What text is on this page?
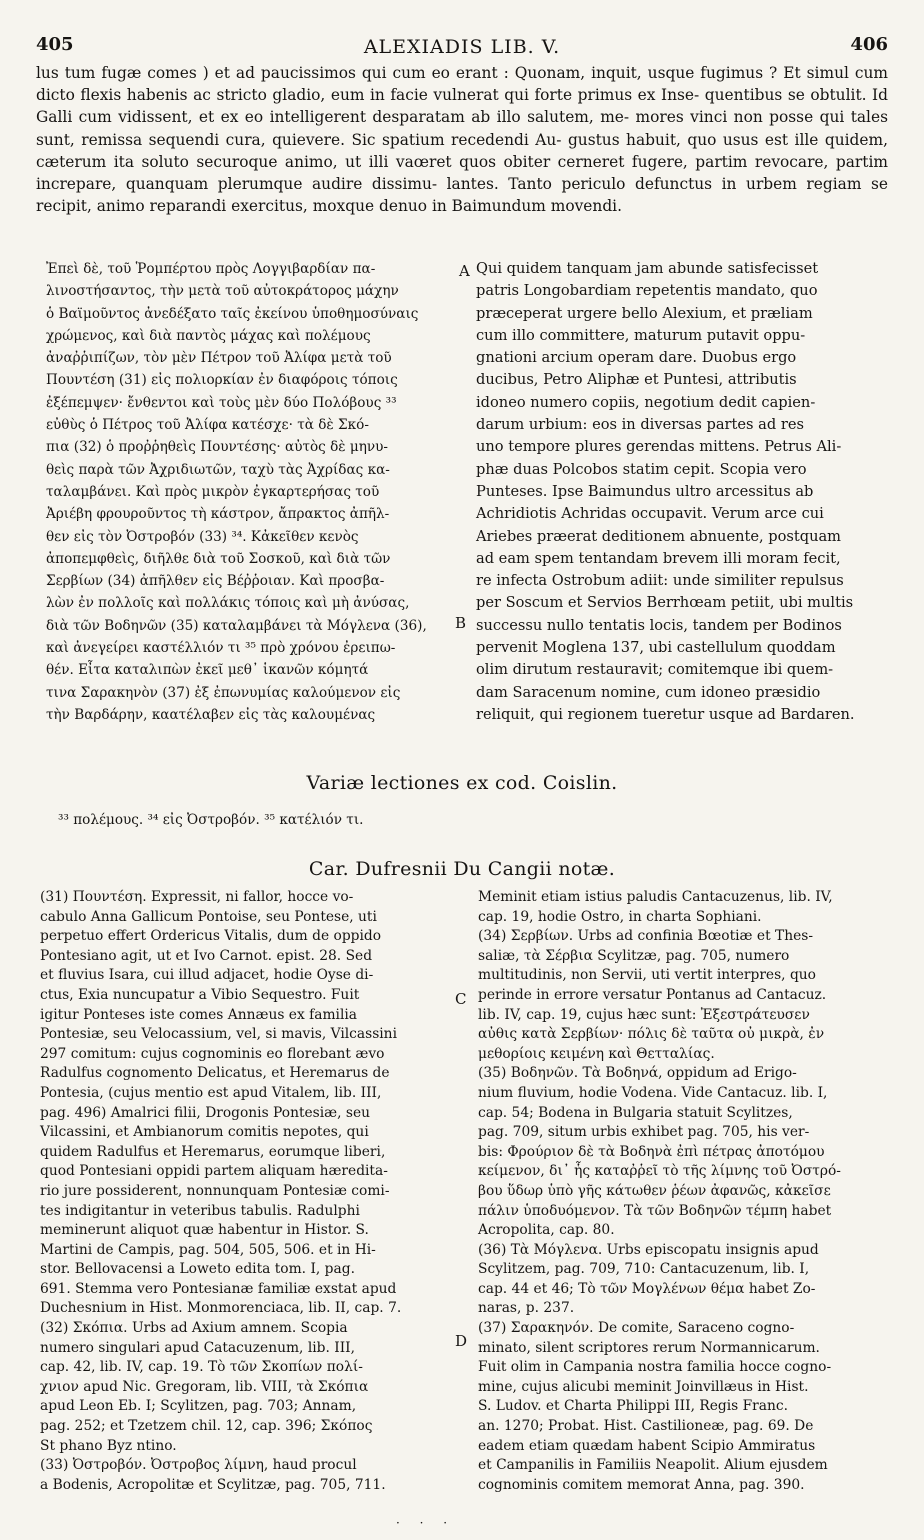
405	ALEXIADIS LIB. V.	406
lus tum fugæ comes ) et ad paucissimos qui cum eo erant : Quonam, inquit, usque fugimus ? Et simul cum dicto flexis habenis ac stricto gladio, eum in facie vulnerat qui forte primus ex Inse- quentibus se obtulit. Id Galli cum vidissent, et ex eo intelligerent desparatam ab illo salutem, me- mores vinci non posse qui tales sunt, remissa sequendi cura, quievere. Sic spatium recedendi Au- gustus habuit, quo usus est ille quidem, cæterum ita soluto securoque animo, ut illi vaœret quos obiter cerneret fugere, partim revocare, partim increpare, quanquam plerumque audire dissimu- lantes. Tanto periculo defunctus in urbem regiam se recipit, animo reparandi exercitus, moxque denuo in Baimundum movendi.
Ἐπεὶ δὲ, τοῦ Ῥομπέρτου πρὸς Λογγιβαρδίαν πα-
λινοστήσαντος, τὴν μετὰ τοῦ αὐτοκράτορος μάχην
ὁ Βαϊμοῦντος ἀνεδέξατο ταῖς ἐκείνου ὑποθημοσύναις
χρώμενος, καὶ διὰ παντὸς μάχας καὶ πολέμους
ἀναῤῥιπίζων, τὸν μὲν Πέτρον τοῦ Ἀλίφα μετὰ τοῦ
Πουντέση (31) εἰς πολιορκίαν ἐν διαφόροις τόποις
ἐξέπεμψεν· ἔνθεντοι καὶ τοὺς μὲν δύο Πολόβους ³³
εὐθὺς ὁ Πέτρος τοῦ Ἀλίφα κατέσχε· τὰ δὲ Σκό-
πια (32) ὁ προῤῥηθεὶς Πουντέσης· αὐτὸς δὲ μηνυ-
θεὶς παρὰ τῶν Ἀχριδιωτῶν, ταχὺ τὰς Ἀχρίδας κα-
ταλαμβάνει. Καὶ πρὸς μικρὸν ἐγκαρτερήσας τοῦ
Ἀριέβη φρουροῦντος τὴ κάστρον, ἄπρακτος ἀπῆλ-
θεν εἰς τὸν Ὀστροβόν (33) ³⁴. Κἀκεῖθεν κενὸς
ἀποπεμφθεὶς, διῆλθε διὰ τοῦ Σοσκοῦ, καὶ διὰ τῶν
Σερβίων (34) ἀπῆλθεν εἰς Βέῤῥοιαν. Καὶ προσβα-
λὼν ἐν πολλοῖς καὶ πολλάκις τόποις καὶ μὴ ἀνύσας,
διὰ τῶν Βοδηνῶν (35) καταλαμβάνει τὰ Μόγλενα (36),
καὶ ἀνεγείρει καστέλλιόν τι ³⁵ πρὸ χρόνου ἐρειπω-
θέν. Εἶτα καταλιπὼν ἐκεῖ μεθ᾽ ἱκανῶν κόμητά
τινα Σαρακηνὸν (37) ἐξ ἐπωνυμίας καλούμενον εἰς
τὴν Βαρδάρην, καατέλαβεν εἰς τὰς καλουμένας
A
B
Qui quidem tanquam jam abunde satisfecisset
patris Longobardiam repetentis mandato, quo
præceperat urgere bello Alexium, et præliam
cum illo committere, maturum putavit oppu-
gnationi arcium operam dare. Duobus ergo
ducibus, Petro Aliphæ et Puntesi, attributis
idoneo numero copiis, negotium dedit capien-
darum urbium: eos in diversas partes ad res
uno tempore plures gerendas mittens. Petrus Ali-
phæ duas Polcobos statim cepit. Scopia vero
Punteses. Ipse Baimundus ultro arcessitus ab
Achridiotis Achridas occupavit. Verum arce cui
Ariebes præerat deditionem abnuente, postquam
ad eam spem tentandam brevem illi moram fecit,
re infecta Ostrobum adiit: unde similiter repulsus
per Soscum et Servios Berrhœam petiit, ubi multis
successu nullo tentatis locis, tandem per Bodinos
pervenit Moglena 137, ubi castellulum quoddam
olim dirutum restauravit; comitemque ibi quem-
dam Saracenum nomine, cum idoneo præsidio
reliquit, qui regionem tueretur usque ad Bardaren.
Variæ lectiones ex cod. Coislin.
³³ πολέμους. ³⁴ εἰς Ὀστροβόν. ³⁵ κατέλιόν τι.
Car. Dufresnii Du Cangii notæ.
(31) Πουντέση. Expressit, ni fallor, hocce vo-
cabulo Anna Gallicum Pontoise, seu Pontese, uti
perpetuo effert Ordericus Vitalis, dum de oppido
Pontesiano agit, ut et Ivo Carnot. epist. 28. Sed
et fluvius Isara, cui illud adjacet, hodie Oyse di-
ctus, Exia nuncupatur a Vibio Sequestro. Fuit
igitur Ponteses iste comes Annæus ex familia
Pontesiæ, seu Velocassium, vel, si mavis, Vilcassini
297 comitum: cujus cognominis eo florebant ævo
Radulfus cognomento Delicatus, et Heremarus de
Pontesia, (cujus mentio est apud Vitalem, lib. III,
pag. 496) Amalrici filii, Drogonis Pontesiæ, seu
Vilcassini, et Ambianorum comitis nepotes, qui
quidem Radulfus et Heremarus, eorumque liberi,
quod Pontesiani oppidi partem aliquam hæredita-
rio jure possiderent, nonnunquam Pontesiæ comi-
tes indigitantur in veteribus tabulis. Radulphi
meminerunt aliquot quæ habentur in Histor. S.
Martini de Campis, pag. 504, 505, 506. et in Hi-
stor. Bellovacensi a Loweto edita tom. I, pag.
691. Stemma vero Pontesianæ familiæ exstat apud
Duchesnium in Hist. Monmorenciaca, lib. II, cap. 7.
(32) Σκόπια. Urbs ad Axium amnem. Scopia
numero singulari apud Catacuzenum, lib. III,
cap. 42, lib. IV, cap. 19. Τὸ τῶν Σκοπίων πολί-
χνιον apud Nic. Gregoram, lib. VIII, τὰ Σκόπια
apud Leon Eb. I; Scylitzen, pag. 703; Annam,
pag. 252; et Tzetzem chil. 12, cap. 396; Σκόπος
St phano Byz ntino.
(33) Ὀστροβόν. Ὀστροβος λίμνη, haud procul
a Bodenis, Acropolitæ et Scylitzæ, pag. 705, 711.
C
D
Meminit etiam istius paludis Cantacuzenus, lib. IV,
cap. 19, hodie Ostro, in charta Sophiani.
(34) Σερβίων. Urbs ad confinia Bœotiæ et Thes-
saliæ, τὰ Σέρβια Scylitzæ, pag. 705, numero
multitudinis, non Servii, uti vertit interpres, quo
perinde in errore versatur Pontanus ad Cantacuz.
lib. IV, cap. 19, cujus hæc sunt: Ἐξεστράτευσεν
αὐθις κατὰ Σερβίων· πόλις δὲ ταῦτα οὐ μικρὰ, ἐν
μεθορίοις κειμένη καὶ Θετταλίας.
(35) Βοδηνῶν. Τὰ Βοδηνά, oppidum ad Erigo-
nium fluvium, hodie Vodena. Vide Cantacuz. lib. I,
cap. 54; Bodena in Bulgaria statuit Scylitzes,
pag. 709, situm urbis exhibet pag. 705, his ver-
bis: Φρούριον δὲ τὰ Βοδηνὰ ἐπὶ πέτρας ἀποτόμου
κείμενον, δι᾽ ἧς καταῤῥεῖ τὸ τῆς λίμνης τοῦ Ὀστρό-
βου ὕδωρ ὑπὸ γῆς κάτωθεν ῥέων ἀφανῶς, κἀκεῖσε
πάλιν ὑποδυόμενον. Τὰ τῶν Βοδηνῶν τέμπη habet
Acropolita, cap. 80.
(36) Τὰ Μόγλενα. Urbs episcopatu insignis apud
Scylitzem, pag. 709, 710: Cantacuzenum, lib. I,
cap. 44 et 46; Τὸ τῶν Μογλένων θέμα habet Zo-
naras, p. 237.
(37) Σαρακηνόν. De comite, Saraceno cogno-
minato, silent scriptores rerum Normannicarum.
Fuit olim in Campania nostra familia hocce cogno-
mine, cujus alicubi meminit Joinvillæus in Hist.
S. Ludov. et Charta Philippi III, Regis Franc.
an. 1270; Probat. Hist. Castilioneæ, pag. 69. De
eadem etiam quædam habent Scipio Ammiratus
et Campanilis in Familiis Neapolit. Alium ejusdem
cognominis comitem memorat Anna, pag. 390.
· · ·
